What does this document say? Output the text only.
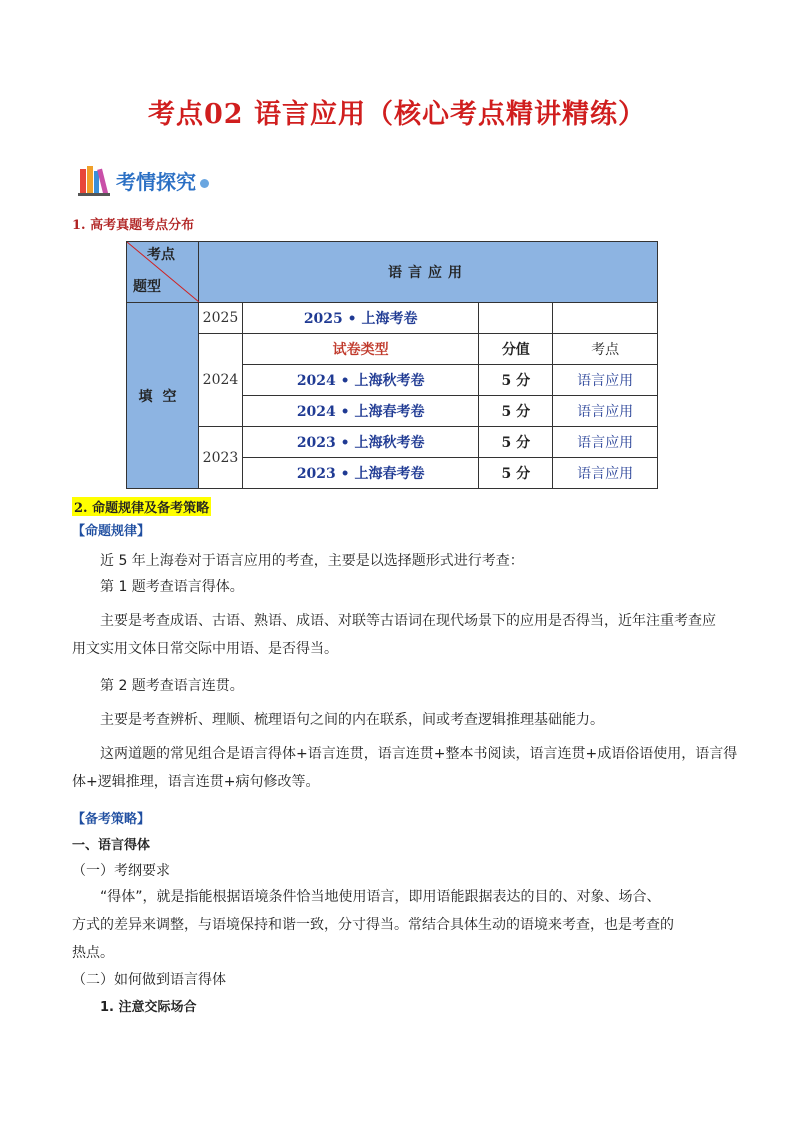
考点02 语言应用（核心考点精讲精练）
考情探究
1. 高考真题考点分布
考点
题型	语言应用			
填空	2025	2025 • 上海考卷		
	2024	试卷类型	分值	考点
		2024 • 上海秋考卷	5 分	语言应用
		2024 • 上海春考卷	5 分	语言应用
	2023	2023 • 上海秋考卷	5 分	语言应用
		2023 • 上海春考卷	5 分	语言应用
2. 命题规律及备考策略
【命题规律】
近 5 年上海卷对于语言应用的考查，主要是以选择题形式进行考查：
第 1 题考查语言得体。
主要是考查成语、古语、熟语、成语、对联等古语词在现代场景下的应用是否得当，近年注重考查应
用文实用文体日常交际中用语、是否得当。
第 2 题考查语言连贯。
主要是考查辨析、理顺、梳理语句之间的内在联系，间或考查逻辑推理基础能力。
这两道题的常见组合是语言得体+语言连贯，语言连贯+整本书阅读，语言连贯+成语俗语使用，语言得
体+逻辑推理，语言连贯+病句修改等。
【备考策略】
一、语言得体
（一）考纲要求
“得体”，就是指能根据语境条件恰当地使用语言，即用语能跟据表达的目的、对象、场合、
方式的差异来调整，与语境保持和谐一致，分寸得当。常结合具体生动的语境来考查，也是考查的
热点。
（二）如何做到语言得体
1. 注意交际场合
